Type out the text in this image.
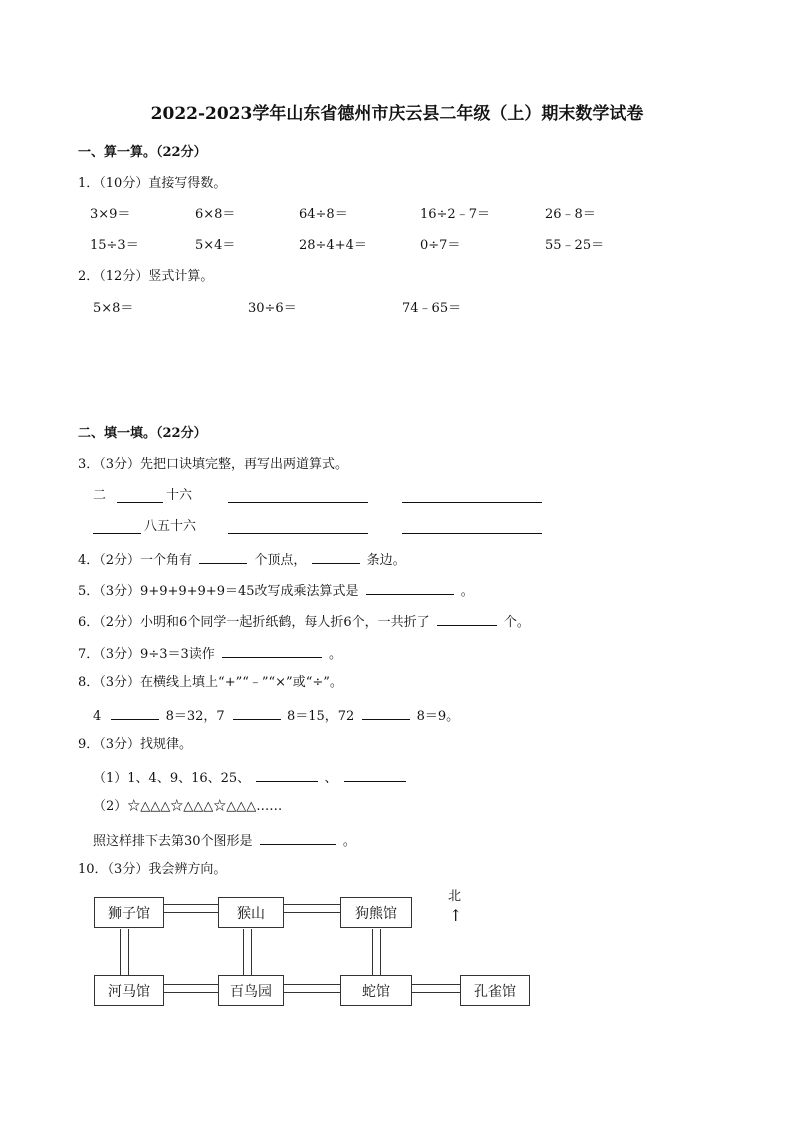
2022-2023学年山东省德州市庆云县二年级（上）期末数学试卷
一、算一算。（22分）
1．（10分）直接写得数。
3×9＝	6×8＝	64÷8＝	16÷2﹣7＝	26﹣8＝
15÷3＝	5×4＝	28÷4+4＝	0÷7＝	55﹣25＝
2．（12分）竖式计算。
5×8＝	30÷6＝	74﹣65＝
二、填一填。（22分）
3．（3分）先把口诀填完整，再写出两道算式。
二	十六
八五十六
4．（2分）一个角有	个顶点，	条边。
5．（3分）9+9+9+9+9＝45改写成乘法算式是	。
6．（2分）小明和6个同学一起折纸鹤，每人折6个，一共折了	个。
7．（3分）9÷3＝3读作	。
8．（3分）在横线上填上“+”“﹣”“×”或“÷”。
4	8＝32，7	8＝15，72	8＝9。
9．（3分）找规律。
（1）1、4、9、16、25、	、
（2）☆△△△☆△△△☆△△△……
照这样排下去第30个图形是	。
10．（3分）我会辨方向。
狮子馆	猴山	狗熊馆
河马馆	百鸟园	蛇馆	孔雀馆
北
↑
